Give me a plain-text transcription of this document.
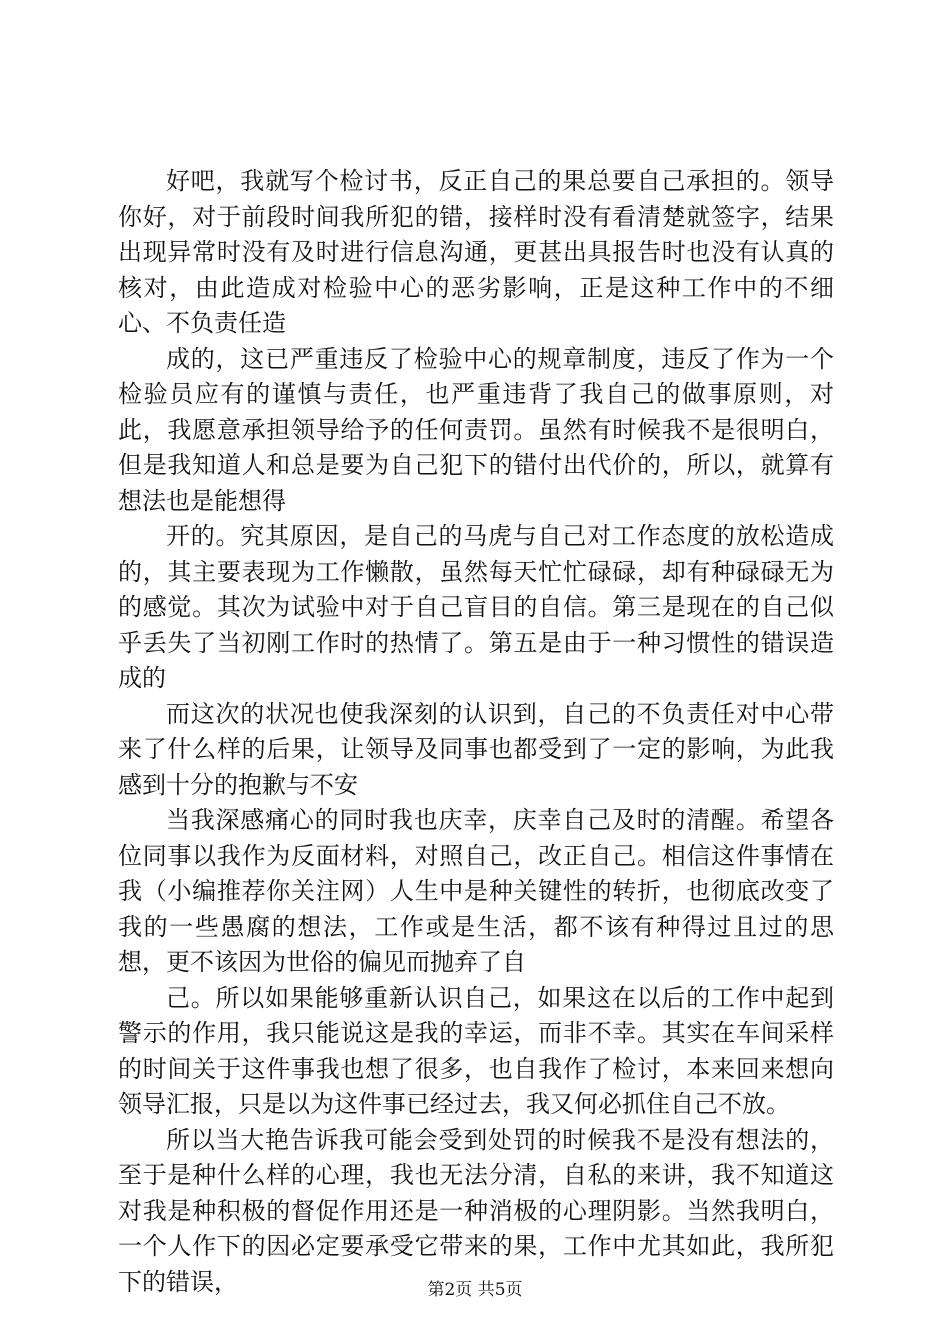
好吧，我就写个检讨书，反正自己的果总要自己承担的。领导你好，对于前段时间我所犯的错，接样时没有看清楚就签字，结果出现异常时没有及时进行信息沟通，更甚出具报告时也没有认真的核对，由此造成对检验中心的恶劣影响，正是这种工作中的不细心、不负责任造

成的，这已严重违反了检验中心的规章制度，违反了作为一个检验员应有的谨慎与责任，也严重违背了我自己的做事原则，对此，我愿意承担领导给予的任何责罚。虽然有时候我不是很明白，但是我知道人和总是要为自己犯下的错付出代价的，所以，就算有想法也是能想得

开的。究其原因，是自己的马虎与自己对工作态度的放松造成的，其主要表现为工作懒散，虽然每天忙忙碌碌，却有种碌碌无为的感觉。其次为试验中对于自己盲目的自信。第三是现在的自己似乎丢失了当初刚工作时的热情了。第五是由于一种习惯性的错误造成的

而这次的状况也使我深刻的认识到，自己的不负责任对中心带来了什么样的后果，让领导及同事也都受到了一定的影响，为此我感到十分的抱歉与不安

当我深感痛心的同时我也庆幸，庆幸自己及时的清醒。希望各位同事以我作为反面材料，对照自己，改正自己。相信这件事情在我（小编推荐你关注网）人生中是种关键性的转折，也彻底改变了我的一些愚腐的想法，工作或是生活，都不该有种得过且过的思想，更不该因为世俗的偏见而抛弃了自

己。所以如果能够重新认识自己，如果这在以后的工作中起到警示的作用，我只能说这是我的幸运，而非不幸。其实在车间采样的时间关于这件事我也想了很多，也自我作了检讨，本来回来想向领导汇报，只是以为这件事已经过去，我又何必抓住自己不放。

所以当大艳告诉我可能会受到处罚的时候我不是没有想法的，至于是种什么样的心理，我也无法分清，自私的来讲，我不知道这对我是种积极的督促作用还是一种消极的心理阴影。当然我明白，一个人作下的因必定要承受它带来的果，工作中尤其如此，我所犯下的错误，	第2页 共5页
